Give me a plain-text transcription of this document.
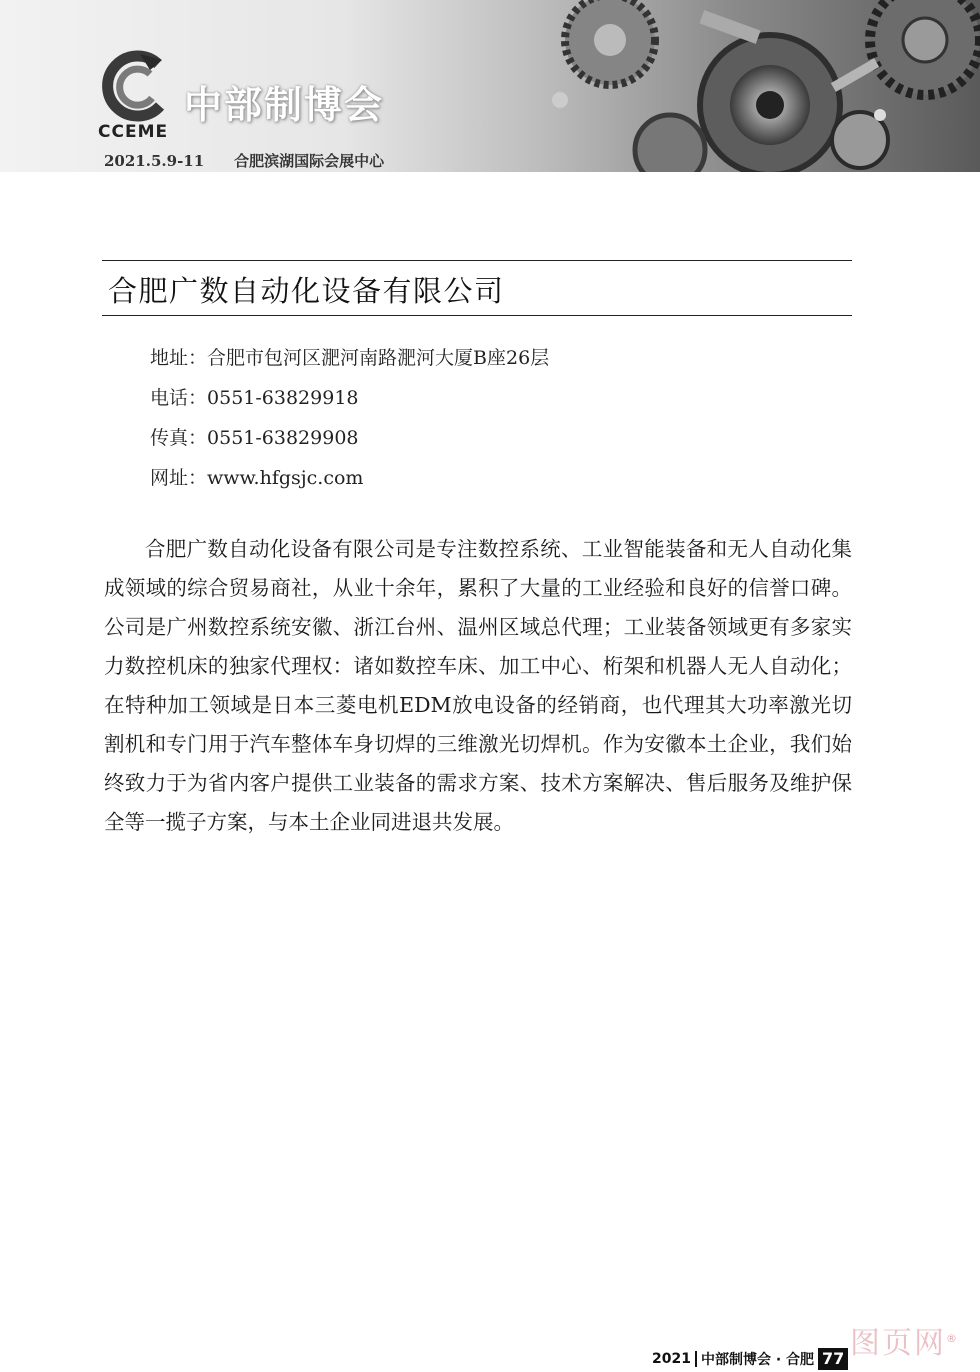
CCEME
中部制博会
2021.5.9-11 合肥滨湖国际会展中心
合肥广数自动化设备有限公司
地址：合肥市包河区淝河南路淝河大厦B座26层
电话：0551-63829918
传真：0551-63829908
网址：www.hfgsjc.com

合肥广数自动化设备有限公司是专注数控系统、工业智能装备和无人自动化集成领域的综合贸易商社，从业十余年，累积了大量的工业经验和良好的信誉口碑。公司是广州数控系统安徽、浙江台州、温州区域总代理；工业装备领域更有多家实力数控机床的独家代理权：诸如数控车床、加工中心、桁架和机器人无人自动化；在特种加工领域是日本三菱电机EDM放电设备的经销商，也代理其大功率激光切割机和专门用于汽车整体车身切焊的三维激光切焊机。作为安徽本土企业，我们始终致力于为省内客户提供工业装备的需求方案、技术方案解决、售后服务及维护保全等一揽子方案，与本土企业同进退共发展。

图页网®
2021 中部制博会 · 合肥 77
